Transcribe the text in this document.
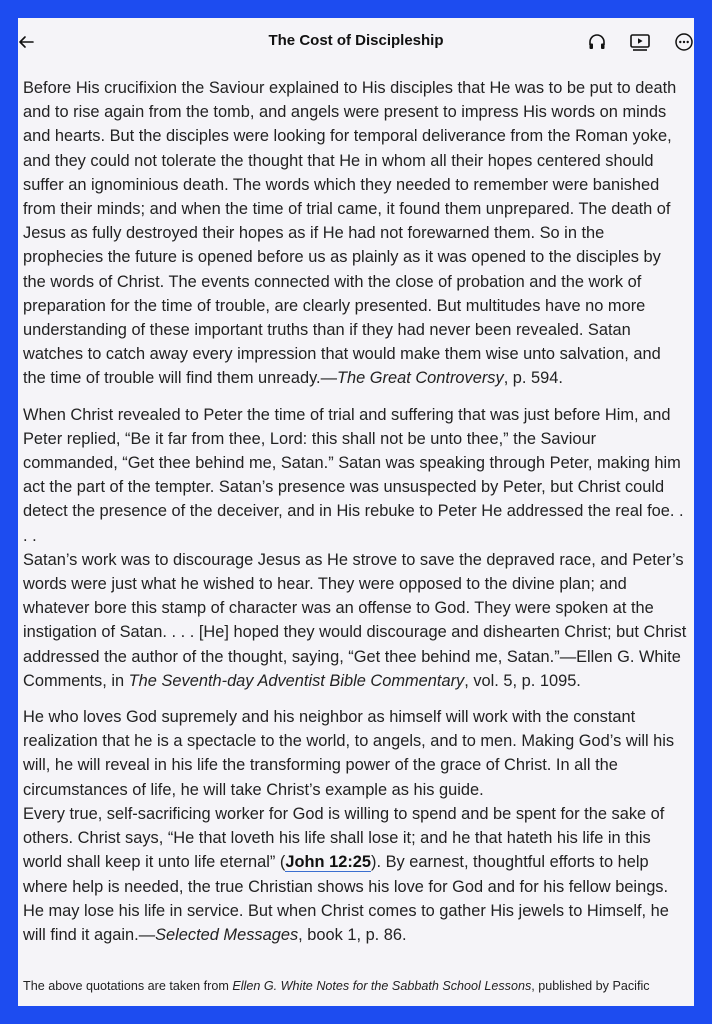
The Cost of Discipleship

Before His crucifixion the Saviour explained to His disciples that He was to be put to death and to rise again from the tomb, and angels were present to impress His words on minds and hearts. But the disciples were looking for temporal deliverance from the Roman yoke, and they could not tolerate the thought that He in whom all their hopes centered should suffer an ignominious death. The words which they needed to remember were banished from their minds; and when the time of trial came, it found them unprepared. The death of Jesus as fully destroyed their hopes as if He had not forewarned them. So in the prophecies the future is opened before us as plainly as it was opened to the disciples by the words of Christ. The events connected with the close of probation and the work of preparation for the time of trouble, are clearly presented. But multitudes have no more understanding of these important truths than if they had never been revealed. Satan watches to catch away every impression that would make them wise unto salvation, and the time of trouble will find them unready.—The Great Controversy, p. 594.

When Christ revealed to Peter the time of trial and suffering that was just before Him, and Peter replied, “Be it far from thee, Lord: this shall not be unto thee,” the Saviour commanded, “Get thee behind me, Satan.” Satan was speaking through Peter, making him act the part of the tempter. Satan’s presence was unsuspected by Peter, but Christ could detect the presence of the deceiver, and in His rebuke to Peter He addressed the real foe. . . .

Satan’s work was to discourage Jesus as He strove to save the depraved race, and Peter’s words were just what he wished to hear. They were opposed to the divine plan; and whatever bore this stamp of character was an offense to God. They were spoken at the instigation of Satan. . . . [He] hoped they would discourage and dishearten Christ; but Christ addressed the author of the thought, saying, “Get thee behind me, Satan.”—Ellen G. White Comments, in The Seventh-day Adventist Bible Commentary, vol. 5, p. 1095.

He who loves God supremely and his neighbor as himself will work with the constant realization that he is a spectacle to the world, to angels, and to men. Making God’s will his will, he will reveal in his life the transforming power of the grace of Christ. In all the circumstances of life, he will take Christ’s example as his guide.

Every true, self-sacrificing worker for God is willing to spend and be spent for the sake of others. Christ says, “He that loveth his life shall lose it; and he that hateth his life in this world shall keep it unto life eternal” (John 12:25). By earnest, thoughtful efforts to help where help is needed, the true Christian shows his love for God and for his fellow beings. He may lose his life in service. But when Christ comes to gather His jewels to Himself, he will find it again.—Selected Messages, book 1, p. 86.

The above quotations are taken from Ellen G. White Notes for the Sabbath School Lessons, published by Pacific
